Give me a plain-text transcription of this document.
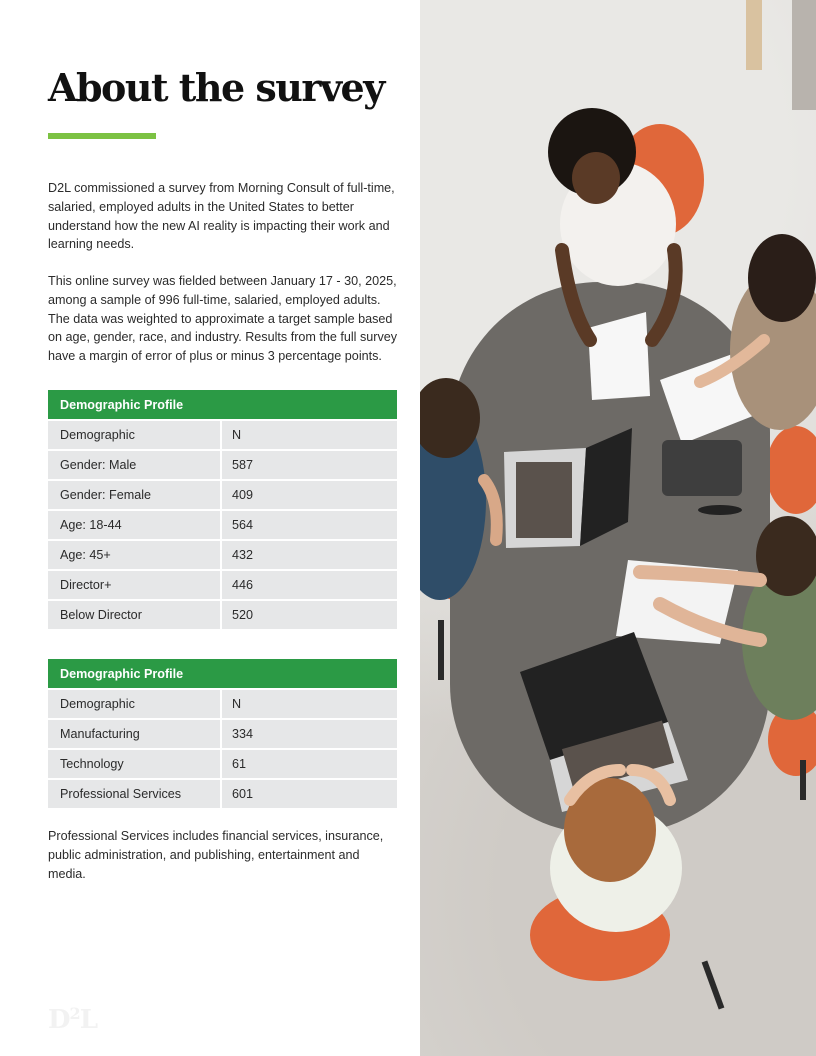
About the survey

D2L commissioned a survey from Morning Consult of full-time, salaried, employed adults in the United States to better understand how the new AI reality is impacting their work and learning needs.

This online survey was fielded between January 17 - 30, 2025, among a sample of 996 full-time, salaried, employed adults. The data was weighted to approximate a target sample based on age, gender, race, and industry. Results from the full survey have a margin of error of plus or minus 3 percentage points.

Demographic Profile	
Demographic	N
Gender: Male	587
Gender: Female	409
Age: 18-44	564
Age: 45+	432
Director+	446
Below Director	520
Demographic Profile	
Demographic	N
Manufacturing	334
Technology	61
Professional Services	601

Professional Services includes financial services, insurance, public administration, and publishing, entertainment and media.

$D^2L$
